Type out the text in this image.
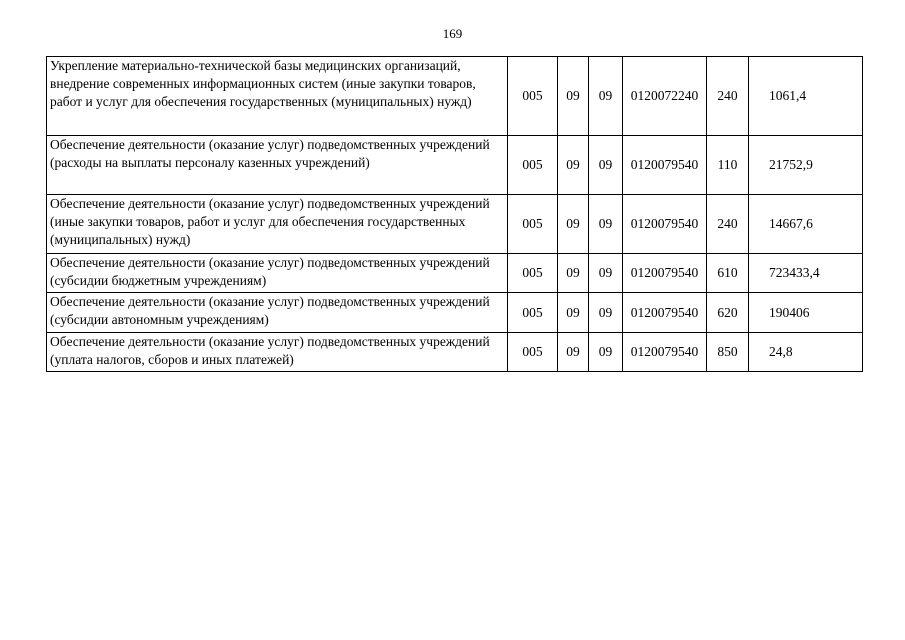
169
Укрепление материально-технической базы медицинских организаций, внедрение современных информационных систем (иные закупки товаров, работ и услуг для обеспечения государственных (муниципальных) нужд)	005	09	09	0120072240	240	1061,4
Обеспечение деятельности (оказание услуг) подведомственных учреждений (расходы на выплаты персоналу казенных учреждений)	005	09	09	0120079540	110	21752,9
Обеспечение деятельности (оказание услуг) подведомственных учреждений (иные закупки товаров, работ и услуг для обеспечения государственных (муниципальных) нужд)	005	09	09	0120079540	240	14667,6
Обеспечение деятельности (оказание услуг) подведомственных учреждений (субсидии бюджетным учреждениям)	005	09	09	0120079540	610	723433,4
Обеспечение деятельности (оказание услуг) подведомственных учреждений (субсидии автономным учреждениям)	005	09	09	0120079540	620	190406
Обеспечение деятельности (оказание услуг) подведомственных учреждений (уплата налогов, сборов и иных платежей)	005	09	09	0120079540	850	24,8
